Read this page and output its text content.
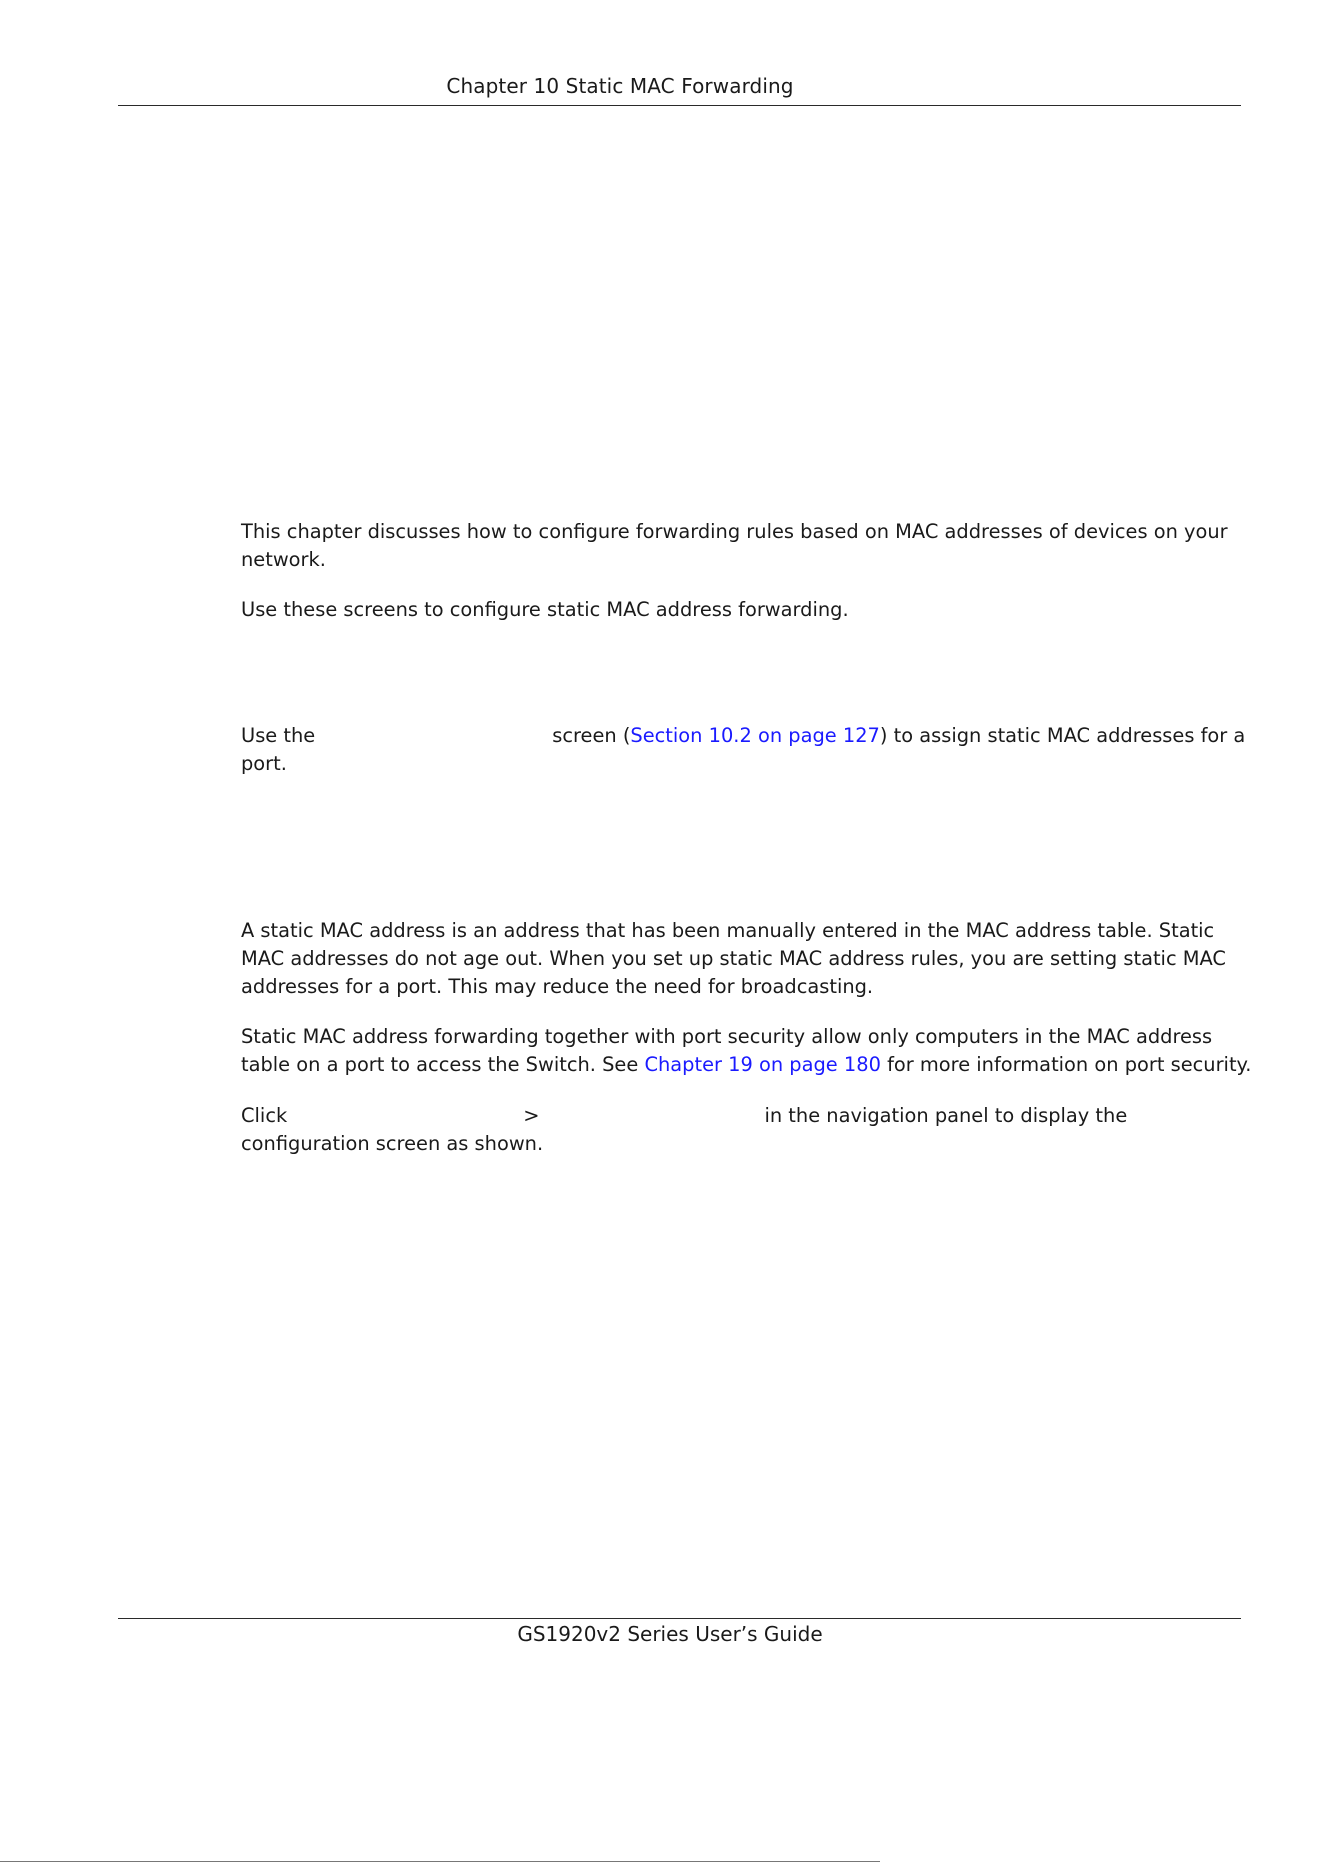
Chapter 10 Static MAC Forwarding
This chapter discusses how to configure forwarding rules based on MAC addresses of devices on your
network.
Use these screens to configure static MAC address forwarding.
Use the	screen (Section 10.2 on page 127) to assign static MAC addresses for a
port.
A static MAC address is an address that has been manually entered in the MAC address table. Static
MAC addresses do not age out. When you set up static MAC address rules, you are setting static MAC
addresses for a port. This may reduce the need for broadcasting.
Static MAC address forwarding together with port security allow only computers in the MAC address
table on a port to access the Switch. See Chapter 19 on page 180 for more information on port security.
Click	>	in the navigation panel to display the
configuration screen as shown.
GS1920v2 Series User’s Guide
